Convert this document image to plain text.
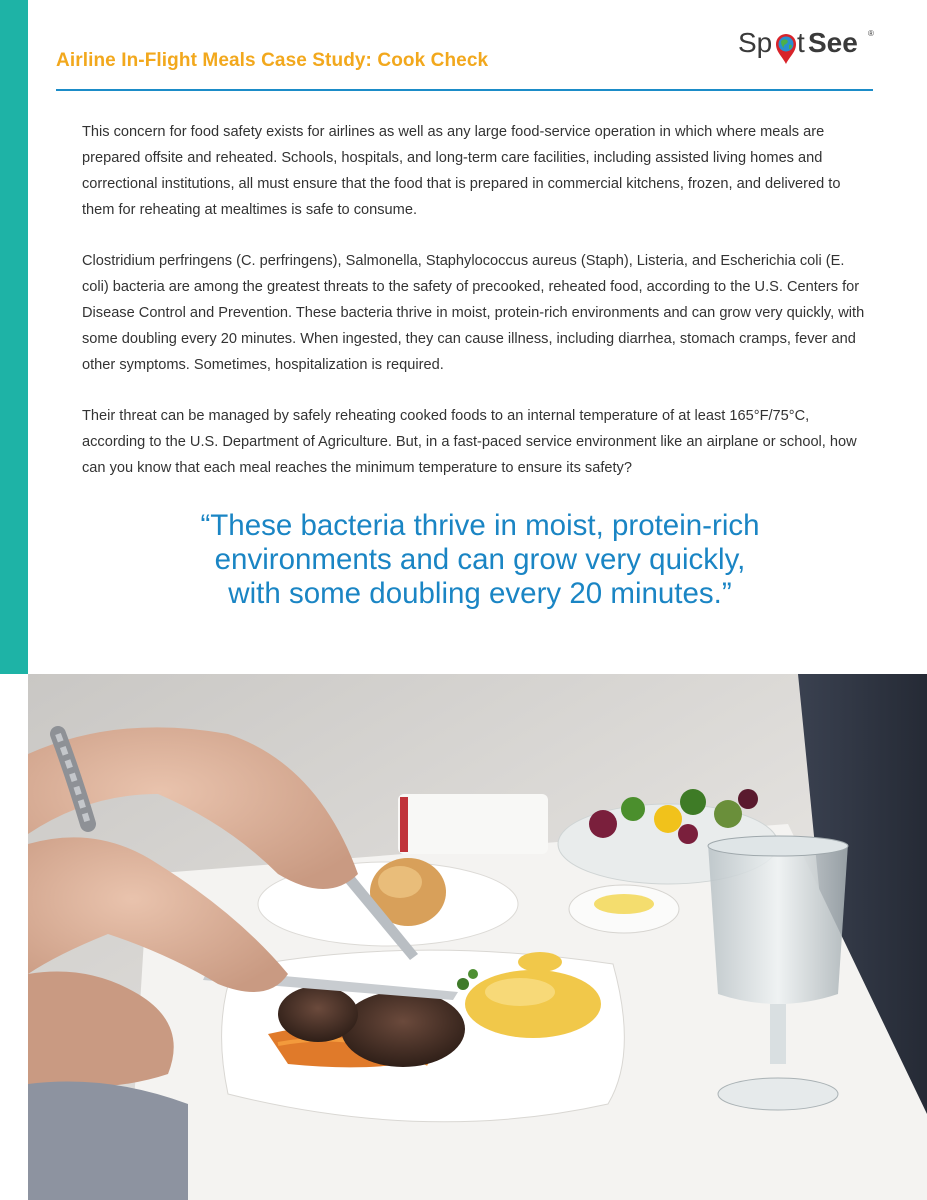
Airline In-Flight Meals Case Study: Cook Check
Sp t See ®

This concern for food safety exists for airlines as well as any large food-service operation in which where meals are prepared offsite and reheated. Schools, hospitals, and long-term care facilities, including assisted living homes and correctional institutions, all must ensure that the food that is prepared in commercial kitchens, frozen, and delivered to them for reheating at mealtimes is safe to consume.

Clostridium perfringens (C. perfringens), Salmonella, Staphylococcus aureus (Staph), Listeria, and Escherichia coli (E. coli) bacteria are among the greatest threats to the safety of precooked, reheated food, according to the U.S. Centers for Disease Control and Prevention. These bacteria thrive in moist, protein-rich environments and can grow very quickly, with some doubling every 20 minutes. When ingested, they can cause illness, including diarrhea, stomach cramps, fever and other symptoms. Sometimes, hospitalization is required.

Their threat can be managed by safely reheating cooked foods to an internal temperature of at least 165°F/75°C, according to the U.S. Department of Agriculture. But, in a fast-paced service environment like an airplane or school, how can you know that each meal reaches the minimum temperature to ensure its safety?

“These bacteria thrive in moist, protein-rich
environments and can grow very quickly,
with some doubling every 20 minutes.”
